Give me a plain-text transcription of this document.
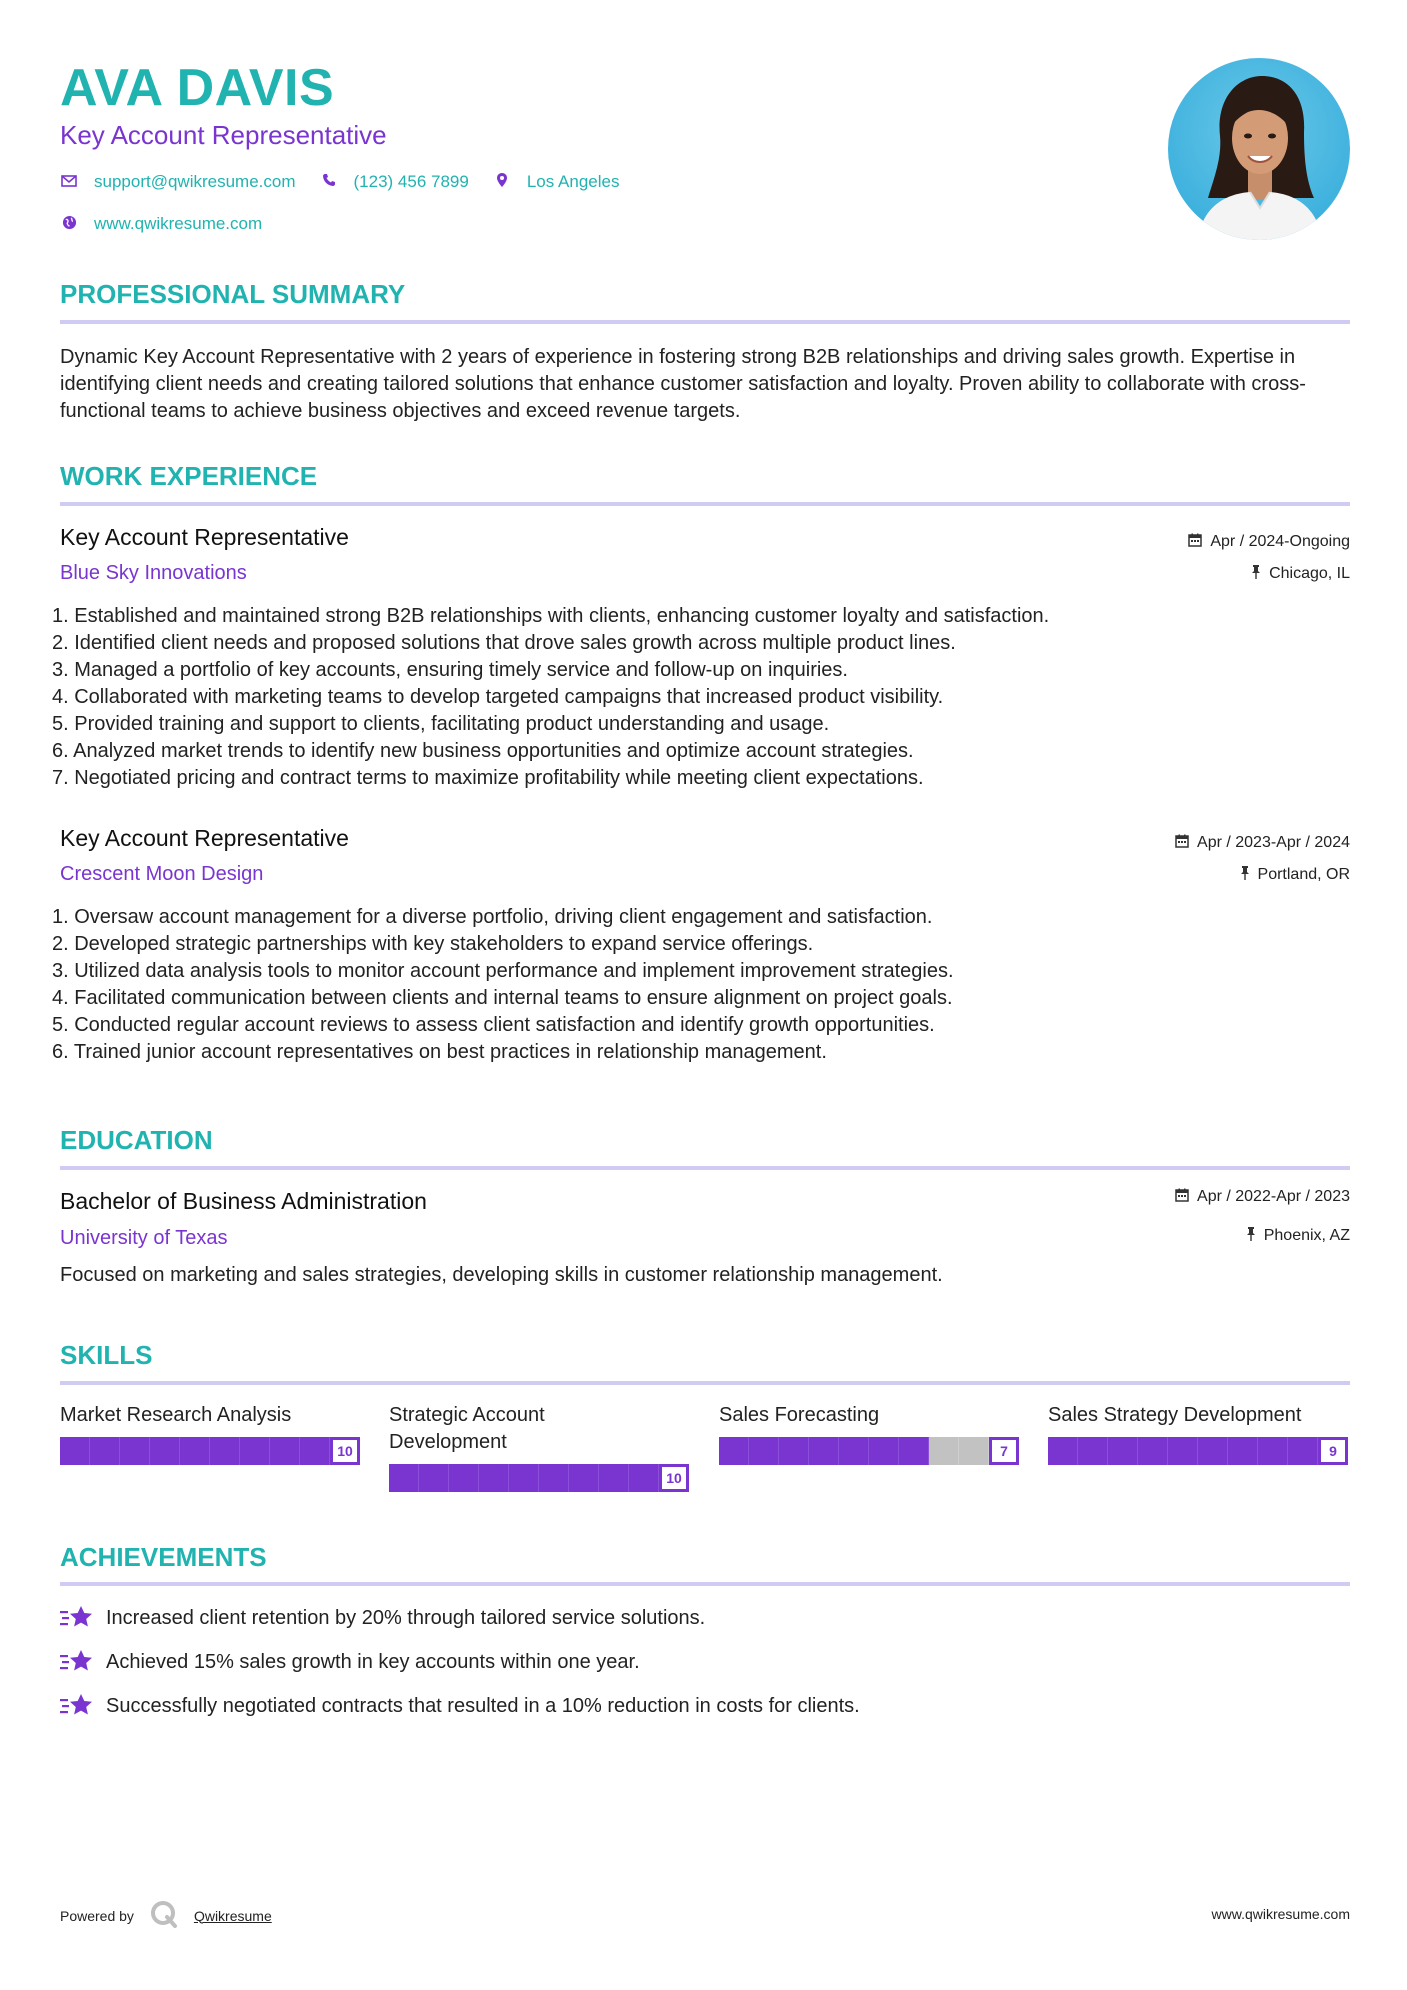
AVA DAVIS
Key Account Representative
support@qwikresume.com	(123) 456 7899	Los Angeles
www.qwikresume.com
PROFESSIONAL SUMMARY
Dynamic Key Account Representative with 2 years of experience in fostering strong B2B relationships and driving sales growth. Expertise in identifying client needs and creating tailored solutions that enhance customer satisfaction and loyalty. Proven ability to collaborate with cross-functional teams to achieve business objectives and exceed revenue targets.
WORK EXPERIENCE
Key Account Representative
Blue Sky Innovations
Apr / 2024-Ongoing
Chicago, IL
1. Established and maintained strong B2B relationships with clients, enhancing customer loyalty and satisfaction.
2. Identified client needs and proposed solutions that drove sales growth across multiple product lines.
3. Managed a portfolio of key accounts, ensuring timely service and follow-up on inquiries.
4. Collaborated with marketing teams to develop targeted campaigns that increased product visibility.
5. Provided training and support to clients, facilitating product understanding and usage.
6. Analyzed market trends to identify new business opportunities and optimize account strategies.
7. Negotiated pricing and contract terms to maximize profitability while meeting client expectations.
Key Account Representative
Crescent Moon Design
Apr / 2023-Apr / 2024
Portland, OR
1. Oversaw account management for a diverse portfolio, driving client engagement and satisfaction.
2. Developed strategic partnerships with key stakeholders to expand service offerings.
3. Utilized data analysis tools to monitor account performance and implement improvement strategies.
4. Facilitated communication between clients and internal teams to ensure alignment on project goals.
5. Conducted regular account reviews to assess client satisfaction and identify growth opportunities.
6. Trained junior account representatives on best practices in relationship management.
EDUCATION
Bachelor of Business Administration
University of Texas
Apr / 2022-Apr / 2023
Phoenix, AZ
Focused on marketing and sales strategies, developing skills in customer relationship management.
SKILLS
Market Research Analysis
10
Strategic Account Development
10
Sales Forecasting
7
Sales Strategy Development
9
ACHIEVEMENTS
Increased client retention by 20% through tailored service solutions.
Achieved 15% sales growth in key accounts within one year.
Successfully negotiated contracts that resulted in a 10% reduction in costs for clients.
Powered by	Qwikresume	www.qwikresume.com
